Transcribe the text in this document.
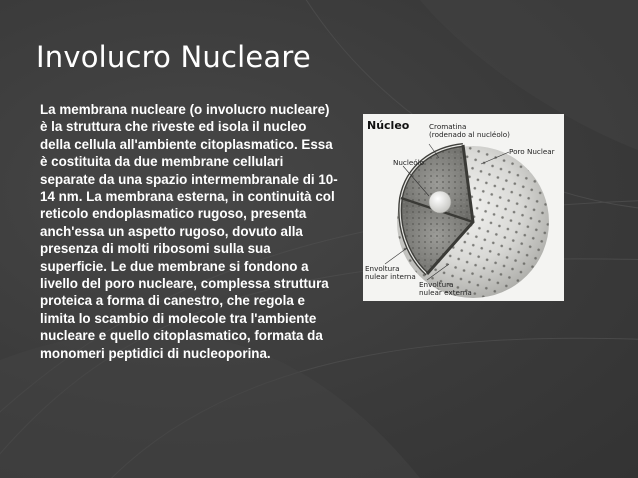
Involucro Nucleare

La membrana nucleare (o involucro nucleare) è la struttura che riveste ed isola il nucleo della cellula all'ambiente citoplasmatico. Essa è costituita da due membrane cellulari separate da una spazio intermembranale di 10-14 nm. La membrana esterna, in continuità col reticolo endoplasmatico rugoso, presenta anch'essa un aspetto rugoso, dovuto alla presenza di molti ribosomi sulla sua superficie. Le due membrane si fondono a livello del poro nucleare, complessa struttura proteica a forma di canestro, che regola e limita lo scambio di molecole tra l'ambiente nucleare e quello citoplasmatico, formata da monomeri peptidici di nucleoporina.

Núcleo	Cromatina
(rodenado al nucléolo)
Poro Nuclear
Nucleólo
Envoltura
nulear interna
Envoltura
nulear externa
